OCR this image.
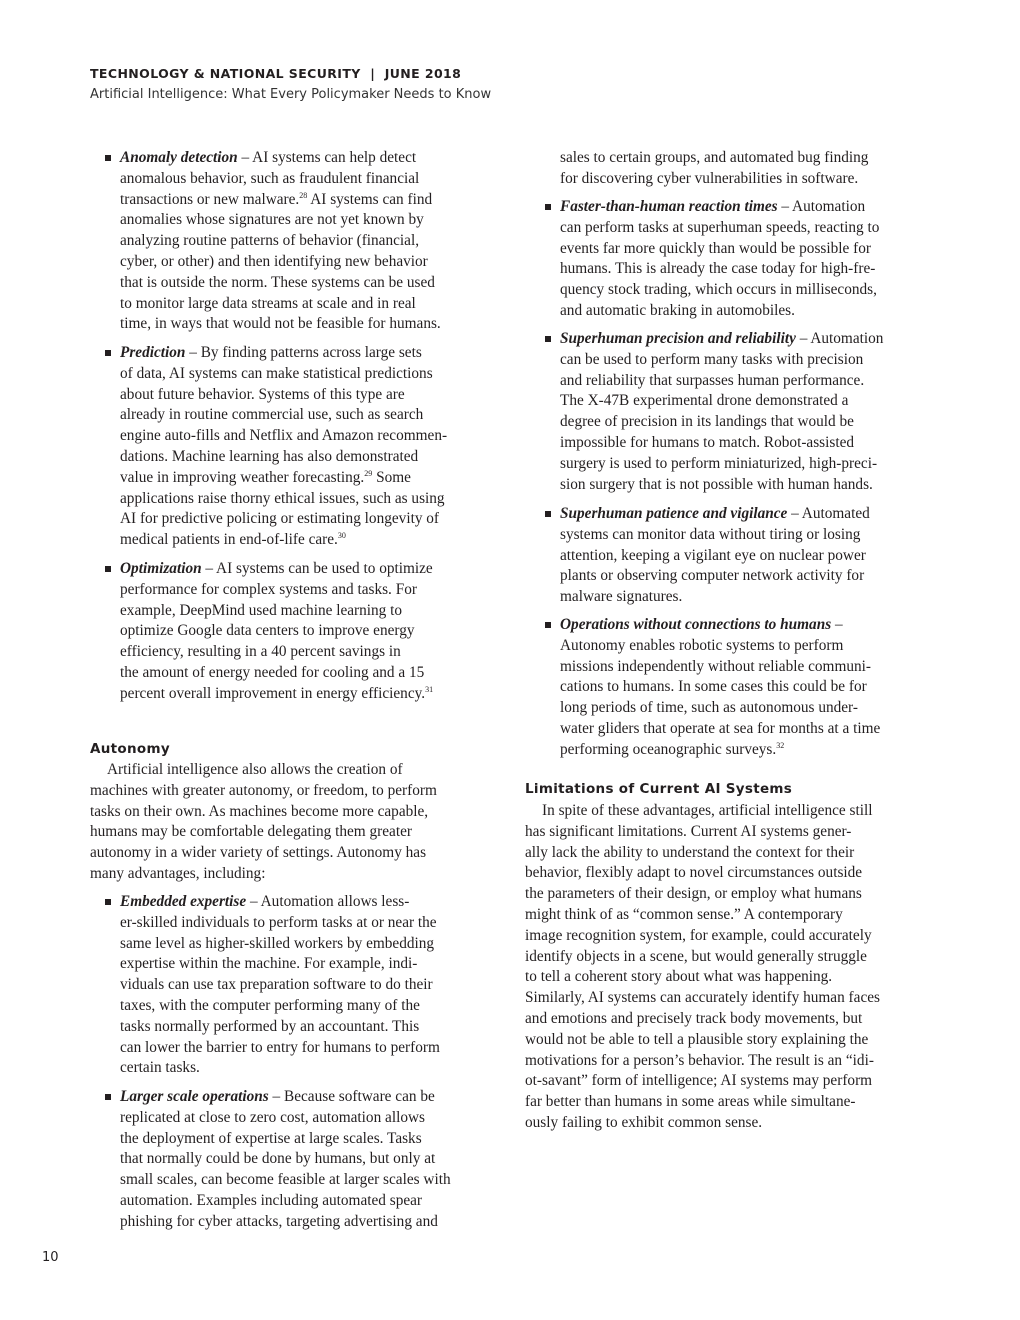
TECHNOLOGY & NATIONAL SECURITY  |  JUNE 2018
Artificial Intelligence: What Every Policymaker Needs to Know
Anomaly detection – AI systems can help detect
anomalous behavior, such as fraudulent financial
transactions or new malware.$^{28}$ AI systems can find
anomalies whose signatures are not yet known by
analyzing routine patterns of behavior (financial,
cyber, or other) and then identifying new behavior
that is outside the norm. These systems can be used
to monitor large data streams at scale and in real
time, in ways that would not be feasible for humans.
Prediction – By finding patterns across large sets
of data, AI systems can make statistical predictions
about future behavior. Systems of this type are
already in routine commercial use, such as search
engine auto-fills and Netflix and Amazon recommen-
dations. Machine learning has also demonstrated
value in improving weather forecasting.$^{29}$ Some
applications raise thorny ethical issues, such as using
AI for predictive policing or estimating longevity of
medical patients in end-of-life care.$^{30}$
Optimization – AI systems can be used to optimize
performance for complex systems and tasks. For
example, DeepMind used machine learning to
optimize Google data centers to improve energy
efficiency, resulting in a 40 percent savings in
the amount of energy needed for cooling and a 15
percent overall improvement in energy efficiency.$^{31}$
Autonomy
Artificial intelligence also allows the creation of
machines with greater autonomy, or freedom, to perform
tasks on their own. As machines become more capable,
humans may be comfortable delegating them greater
autonomy in a wider variety of settings. Autonomy has
many advantages, including:
Embedded expertise – Automation allows less-
er-skilled individuals to perform tasks at or near the
same level as higher-skilled workers by embedding
expertise within the machine. For example, indi-
viduals can use tax preparation software to do their
taxes, with the computer performing many of the
tasks normally performed by an accountant. This
can lower the barrier to entry for humans to perform
certain tasks.
Larger scale operations – Because software can be
replicated at close to zero cost, automation allows
the deployment of expertise at large scales. Tasks
that normally could be done by humans, but only at
small scales, can become feasible at larger scales with
automation. Examples including automated spear
phishing for cyber attacks, targeting advertising and
sales to certain groups, and automated bug finding
for discovering cyber vulnerabilities in software.
Faster-than-human reaction times – Automation
can perform tasks at superhuman speeds, reacting to
events far more quickly than would be possible for
humans. This is already the case today for high-fre-
quency stock trading, which occurs in milliseconds,
and automatic braking in automobiles.
Superhuman precision and reliability – Automation
can be used to perform many tasks with precision
and reliability that surpasses human performance.
The X-47B experimental drone demonstrated a
degree of precision in its landings that would be
impossible for humans to match. Robot-assisted
surgery is used to perform miniaturized, high-preci-
sion surgery that is not possible with human hands.
Superhuman patience and vigilance – Automated
systems can monitor data without tiring or losing
attention, keeping a vigilant eye on nuclear power
plants or observing computer network activity for
malware signatures.
Operations without connections to humans –
Autonomy enables robotic systems to perform
missions independently without reliable communi-
cations to humans. In some cases this could be for
long periods of time, such as autonomous under-
water gliders that operate at sea for months at a time
performing oceanographic surveys.$^{32}$
Limitations of Current AI Systems
In spite of these advantages, artificial intelligence still
has significant limitations. Current AI systems gener-
ally lack the ability to understand the context for their
behavior, flexibly adapt to novel circumstances outside
the parameters of their design, or employ what humans
might think of as “common sense.” A contemporary
image recognition system, for example, could accurately
identify objects in a scene, but would generally struggle
to tell a coherent story about what was happening.
Similarly, AI systems can accurately identify human faces
and emotions and precisely track body movements, but
would not be able to tell a plausible story explaining the
motivations for a person’s behavior. The result is an “idi-
ot-savant” form of intelligence; AI systems may perform
far better than humans in some areas while simultane-
ously failing to exhibit common sense.
10
